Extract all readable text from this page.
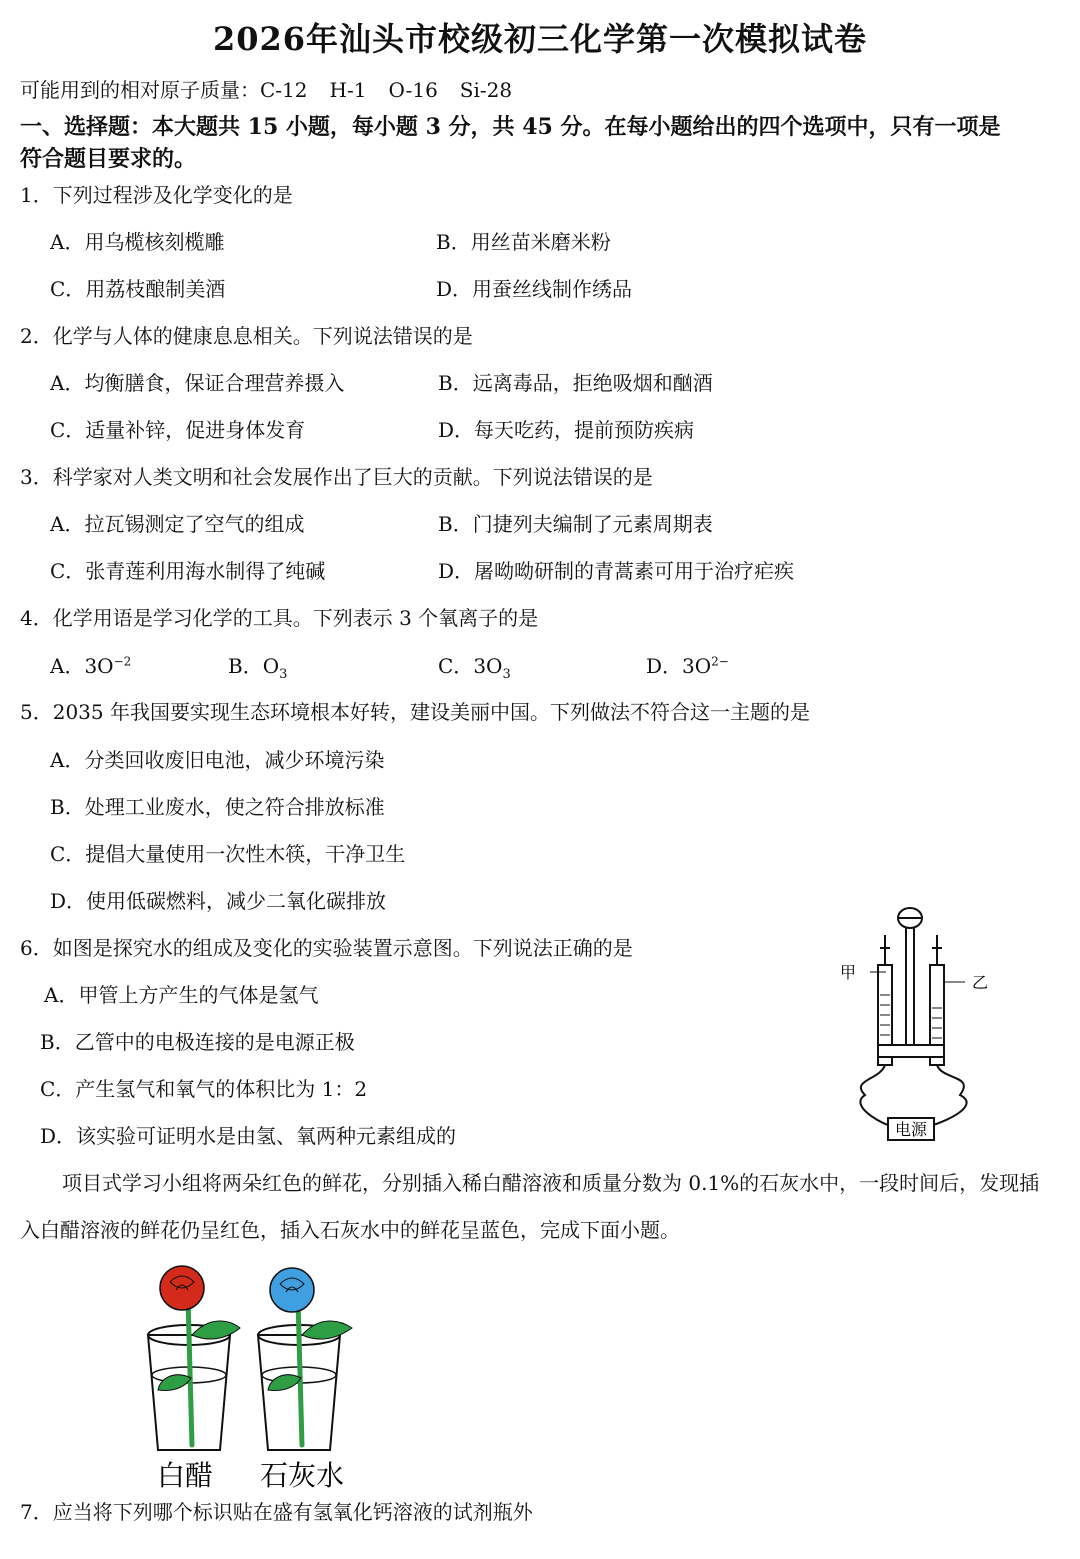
2026年汕头市校级初三化学第一次模拟试卷
可能用到的相对原子质量：C-12 H-1 O-16 Si-28
一、选择题：本大题共 15 小题，每小题 3 分，共 45 分。在每小题给出的四个选项中，只有一项是
符合题目要求的。
1．下列过程涉及化学变化的是
A．用乌榄核刻榄雕	B．用丝苗米磨米粉
C．用荔枝酿制美酒	D．用蚕丝线制作绣品
2．化学与人体的健康息息相关。下列说法错误的是
A．均衡膳食，保证合理营养摄入	B．远离毒品，拒绝吸烟和酗酒
C．适量补锌，促进身体发育	D．每天吃药，提前预防疾病
3．科学家对人类文明和社会发展作出了巨大的贡献。下列说法错误的是
A．拉瓦锡测定了空气的组成	B．门捷列夫编制了元素周期表
C．张青莲利用海水制得了纯碱	D．屠呦呦研制的青蒿素可用于治疗疟疾
4．化学用语是学习化学的工具。下列表示 3 个氧离子的是
A．$3O^{-2}$	B．$O_3$	C．$3O_3$	D．$3O^{2-}$
5．2035 年我国要实现生态环境根本好转，建设美丽中国。下列做法不符合这一主题的是
A．分类回收废旧电池，减少环境污染
B．处理工业废水，使之符合排放标准
C．提倡大量使用一次性木筷，干净卫生
D．使用低碳燃料，减少二氧化碳排放
6．如图是探究水的组成及变化的实验装置示意图。下列说法正确的是
A．甲管上方产生的气体是氢气
B．乙管中的电极连接的是电源正极
C．产生氢气和氧气的体积比为 1：2
D．该实验可证明水是由氢、氧两种元素组成的	电源
甲
乙
项目式学习小组将两朵红色的鲜花，分别插入稀白醋溶液和质量分数为 0.1%的石灰水中，一段时间后，发现插
入白醋溶液的鲜花仍呈红色，插入石灰水中的鲜花呈蓝色，完成下面小题。
白醋 石灰水
7．应当将下列哪个标识贴在盛有氢氧化钙溶液的试剂瓶外
